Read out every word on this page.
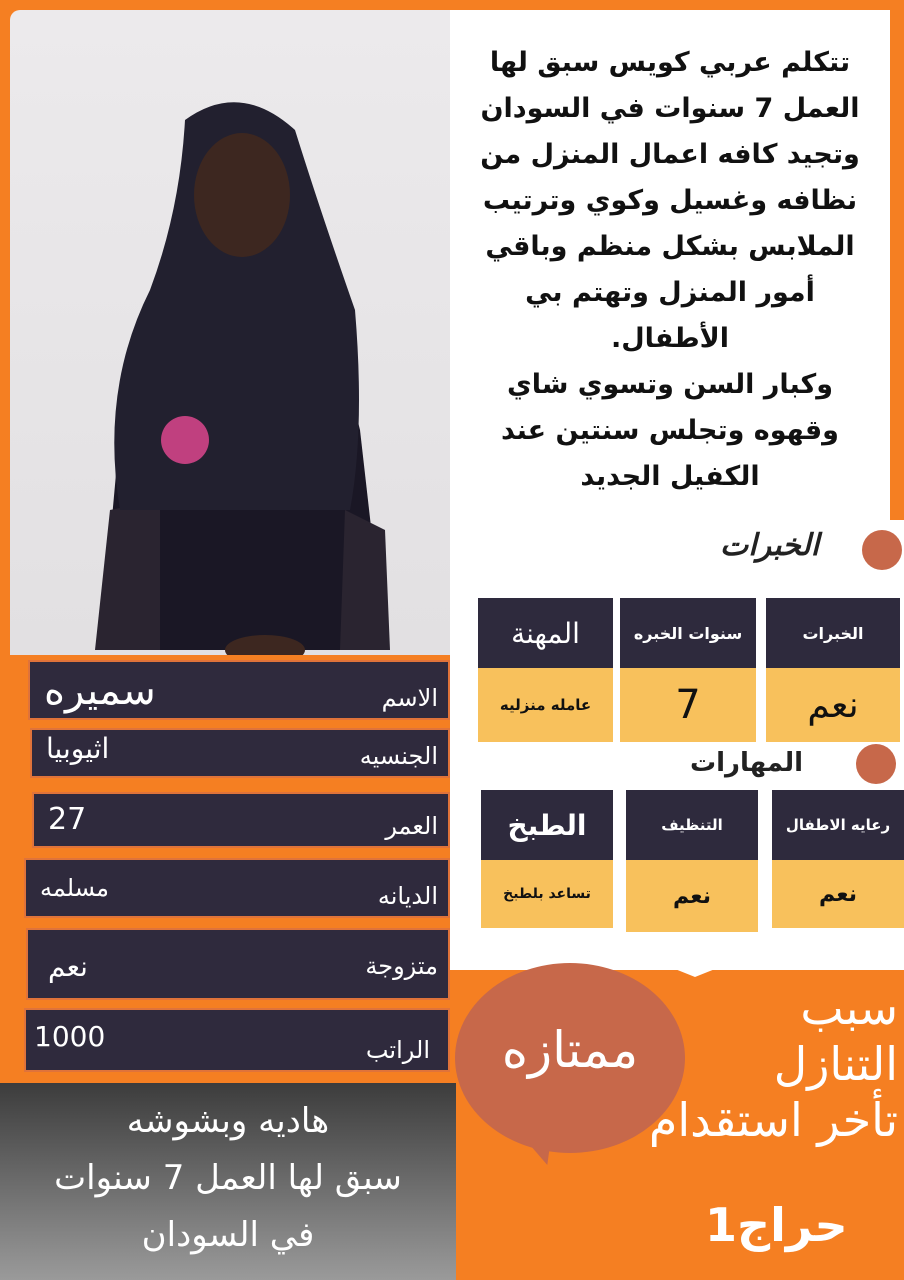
تتكلم عربي كويس سبق لها
العمل 7 سنوات في السودان
وتجيد كافه اعمال المنزل من
نظافه وغسيل وكوي وترتيب
الملابس بشكل منظم وباقي
أمور المنزل وتهتم بي
الأطفال.
وكبار السن وتسوي شاي
وقهوه وتجلس سنتين عند
الكفيل الجديد
الخبرات
الخبرات
سنوات الخبره
المهنة
نعم
7
عامله منزليه
المهارات
رعايه الاطفال
التنظيف
الطبخ
نعم
نعم
تساعد بلطبخ
الاسم
سميره
الجنسيه
اثيوبيا
العمر
27
الديانه
مسلمه
متزوجة
نعم
الراتب
1000
هاديه وبشوشه
سبق لها العمل 7 سنوات
في السودان
ممتازه
سبب
التنازل
تأخر استقدام
حراج1
